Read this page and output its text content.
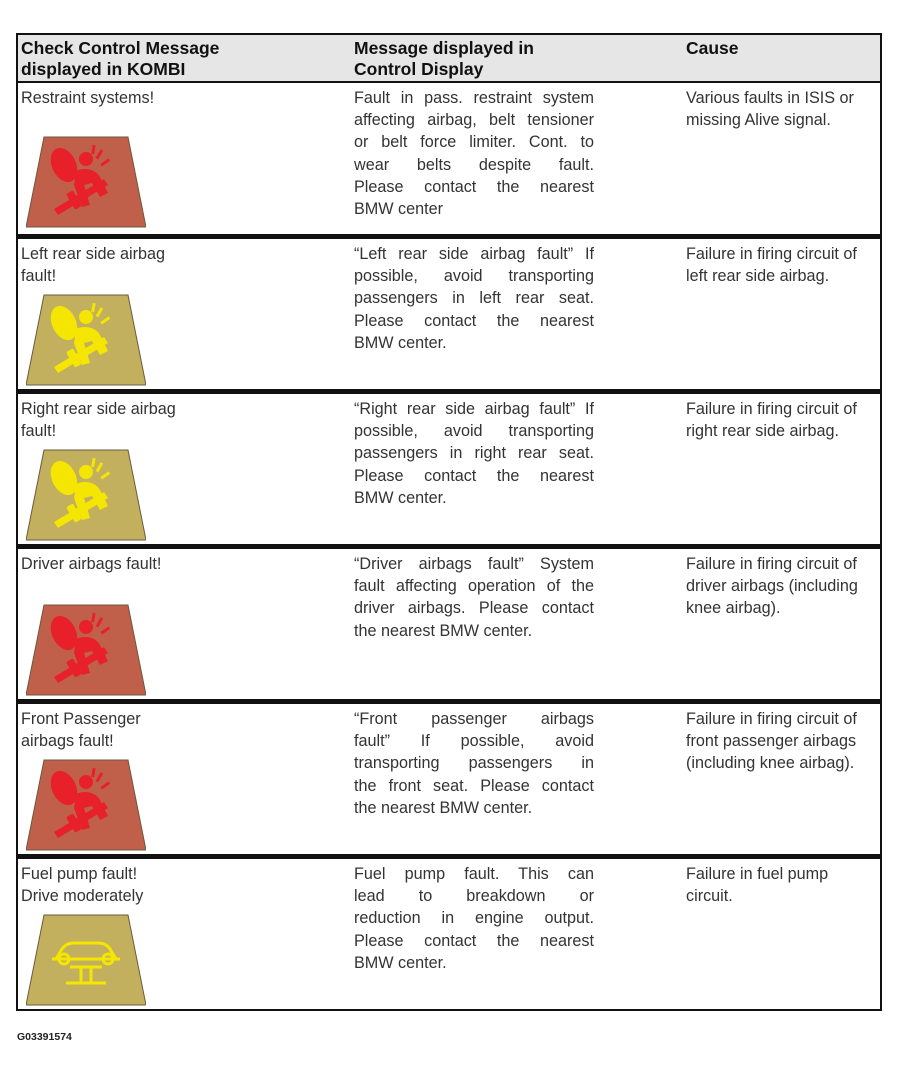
Check Control Message
displayed in KOMBI
Message displayed in
Control Display
Cause
Restraint systems!	Fault in pass. restraint system
affecting airbag, belt tensioner
or belt force limiter. Cont. to
wear belts despite fault.
Please contact the nearest
BMW center
Various faults in ISIS or
missing Alive signal.
Left rear side airbag
fault!
“Left rear side airbag fault” If
possible, avoid transporting
passengers in left rear seat.
Please contact the nearest
BMW center.
Failure in firing circuit of
left rear side airbag.
Right rear side airbag
fault!
“Right rear side airbag fault” If
possible, avoid transporting
passengers in right rear seat.
Please contact the nearest
BMW center.
Failure in firing circuit of
right rear side airbag.
Driver airbags fault!	“Driver airbags fault” System
fault affecting operation of the
driver airbags. Please contact
the nearest BMW center.
Failure in firing circuit of
driver airbags (including
knee airbag).
Front Passenger
airbags fault!
“Front passenger airbags
fault” If possible, avoid
transporting passengers in
the front seat. Please contact
the nearest BMW center.
Failure in firing circuit of
front passenger airbags
(including knee airbag).
Fuel pump fault!
Drive moderately
Fuel pump fault. This can
lead to breakdown or
reduction in engine output.
Please contact the nearest
BMW center.
Failure in fuel pump
circuit.
G03391574
